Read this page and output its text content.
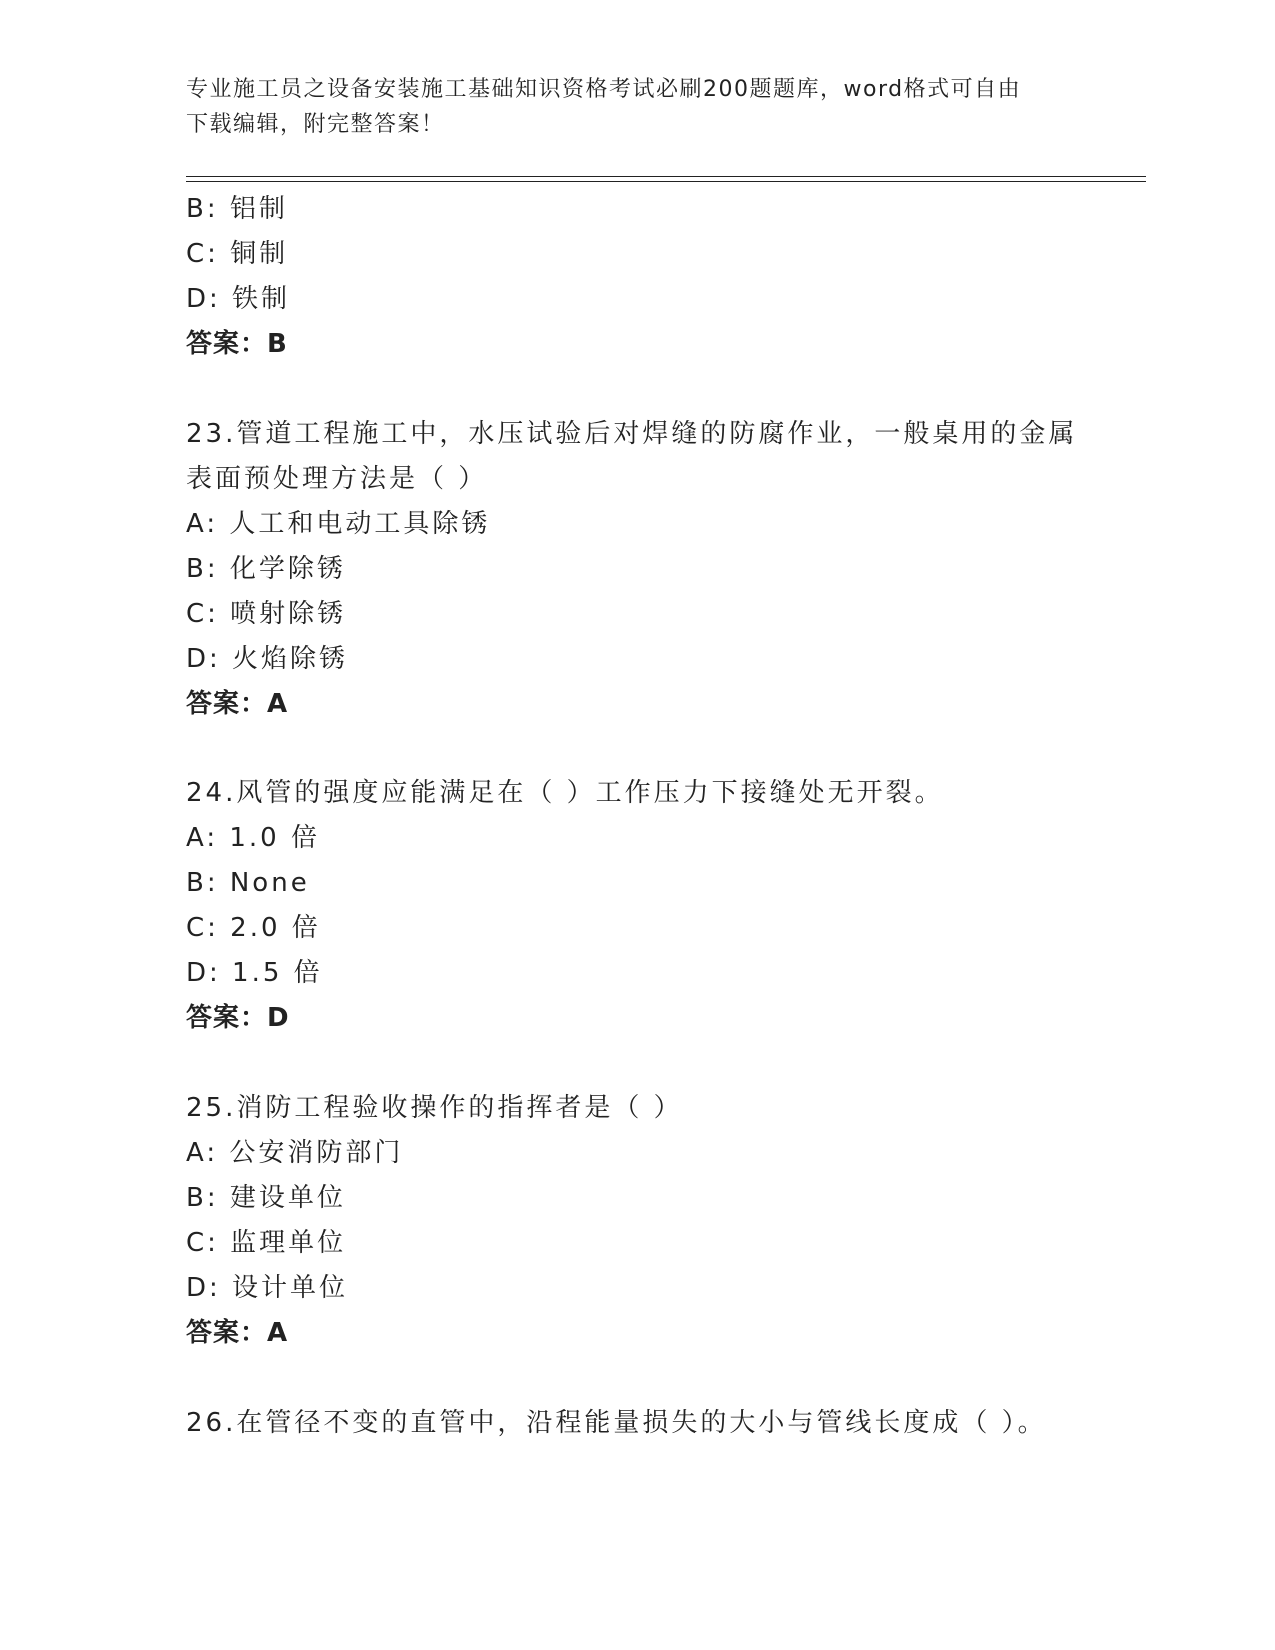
专业施工员之设备安装施工基础知识资格考试必刷200题题库，word格式可自由
下载编辑，附完整答案！
B: 铝制
C: 铜制
D: 铁制
答案：B
23.管道工程施工中，水压试验后对焊缝的防腐作业，一般桌用的金属
表面预处理方法是（ ）
A: 人工和电动工具除锈
B: 化学除锈
C: 喷射除锈
D: 火焰除锈
答案：A
24.风管的强度应能满足在（ ）工作压力下接缝处无开裂。
A: 1.0 倍
B: None
C: 2.0 倍
D: 1.5 倍
答案：D
25.消防工程验收操作的指挥者是（ ）
A: 公安消防部门
B: 建设单位
C: 监理单位
D: 设计单位
答案：A
26.在管径不变的直管中，沿程能量损失的大小与管线长度成（ ）。
